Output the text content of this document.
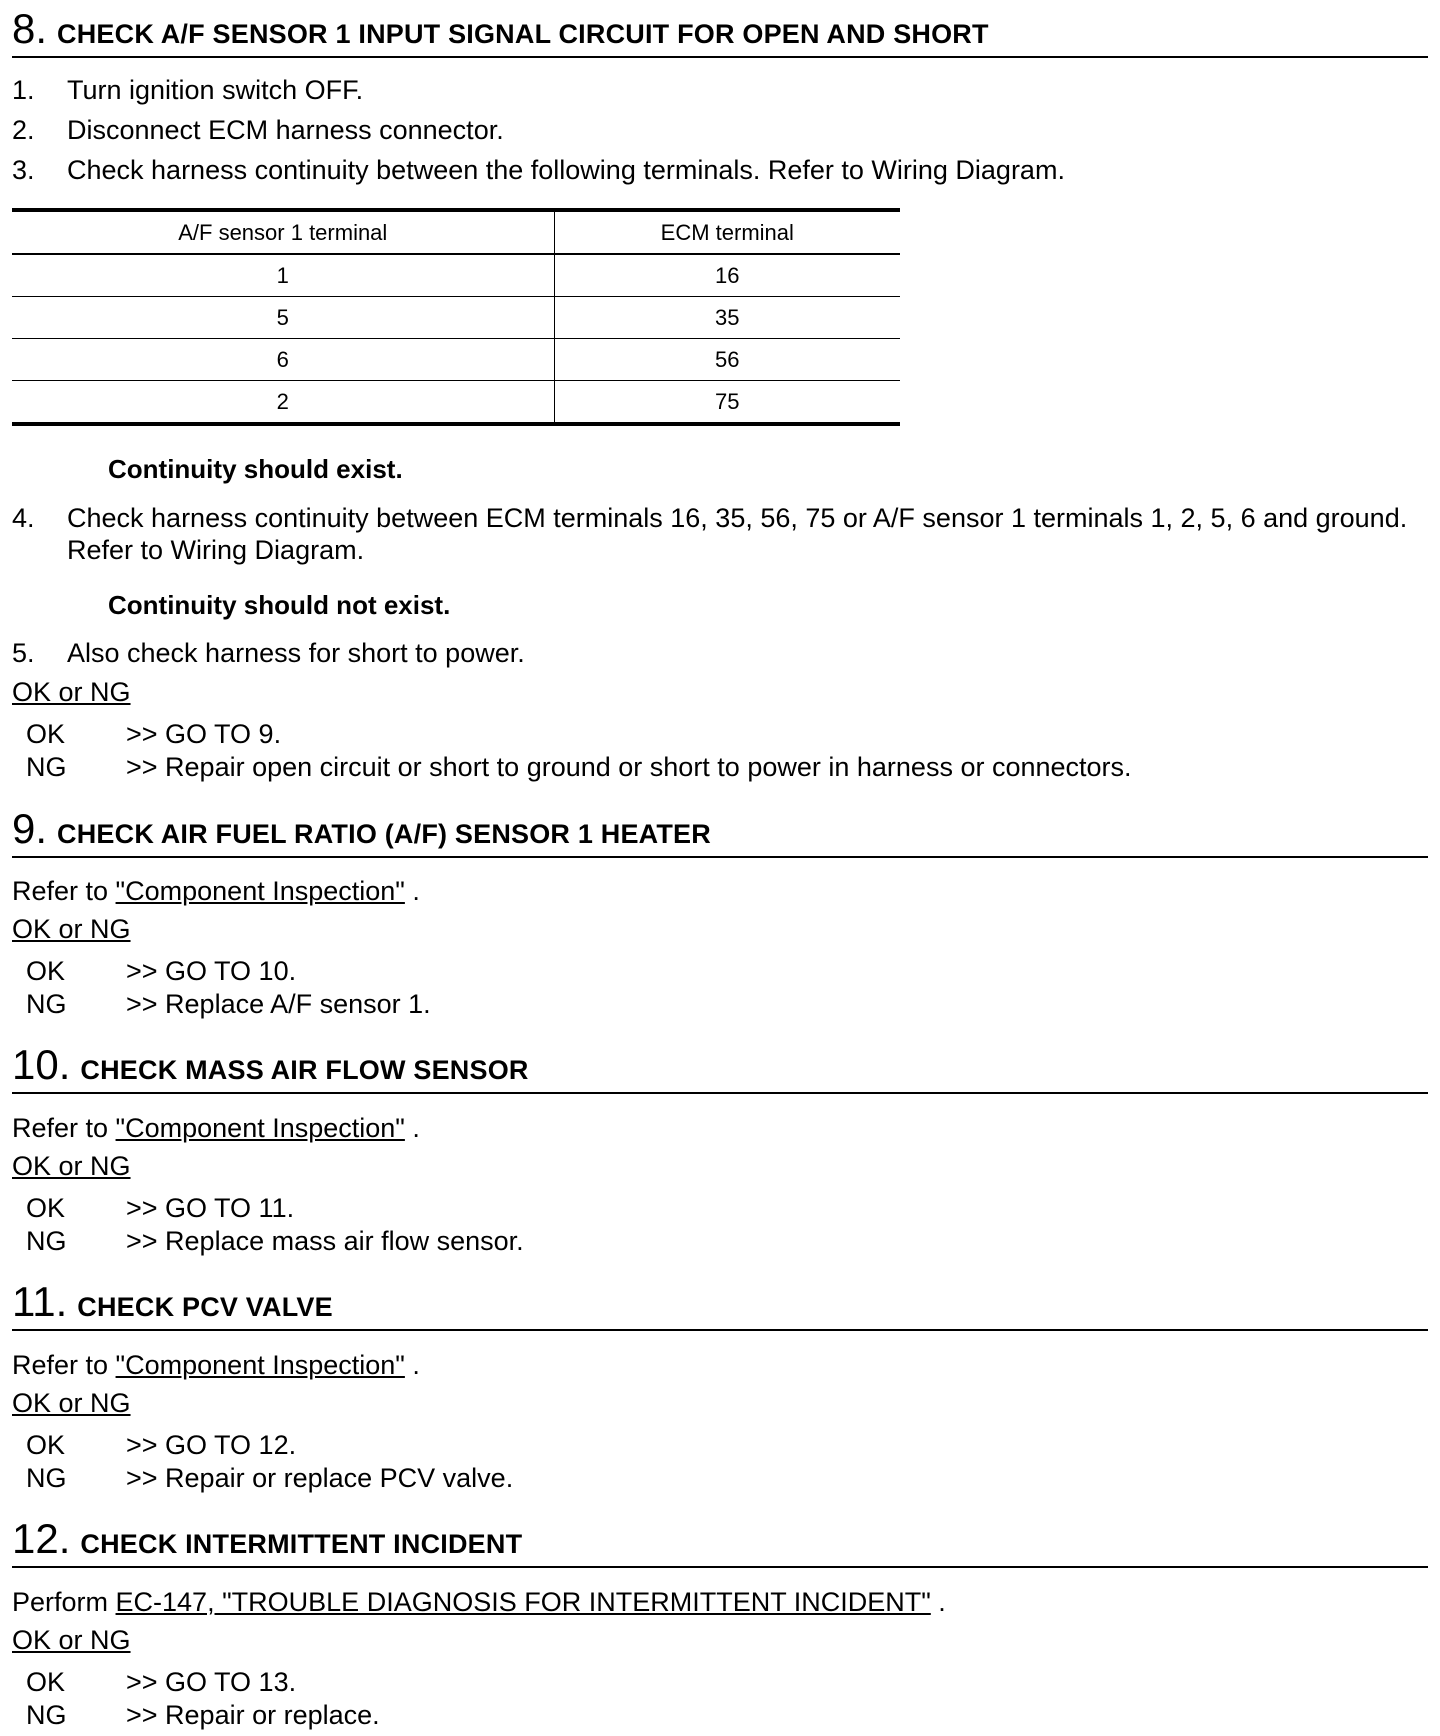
8. CHECK A/F SENSOR 1 INPUT SIGNAL CIRCUIT FOR OPEN AND SHORT
1.	Turn ignition switch OFF.
2.	Disconnect ECM harness connector.
3.	Check harness continuity between the following terminals. Refer to Wiring Diagram.
A/F sensor 1 terminal	ECM terminal
1	16
5	35
6	56
2	75
Continuity should exist.
4.	Check harness continuity between ECM terminals 16, 35, 56, 75 or A/F sensor 1 terminals 1, 2, 5, 6 and ground. Refer to Wiring Diagram.
Continuity should not exist.
5.	Also check harness for short to power.
OK or NG
OK	>> GO TO 9.
NG	>> Repair open circuit or short to ground or short to power in harness or connectors.
9. CHECK AIR FUEL RATIO (A/F) SENSOR 1 HEATER
Refer to "Component Inspection" .
OK or NG
OK	>> GO TO 10.
NG	>> Replace A/F sensor 1.
10. CHECK MASS AIR FLOW SENSOR
Refer to "Component Inspection" .
OK or NG
OK	>> GO TO 11.
NG	>> Replace mass air flow sensor.
11. CHECK PCV VALVE
Refer to "Component Inspection" .
OK or NG
OK	>> GO TO 12.
NG	>> Repair or replace PCV valve.
12. CHECK INTERMITTENT INCIDENT
Perform EC-147, "TROUBLE DIAGNOSIS FOR INTERMITTENT INCIDENT" .
OK or NG
OK	>> GO TO 13.
NG	>> Repair or replace.
